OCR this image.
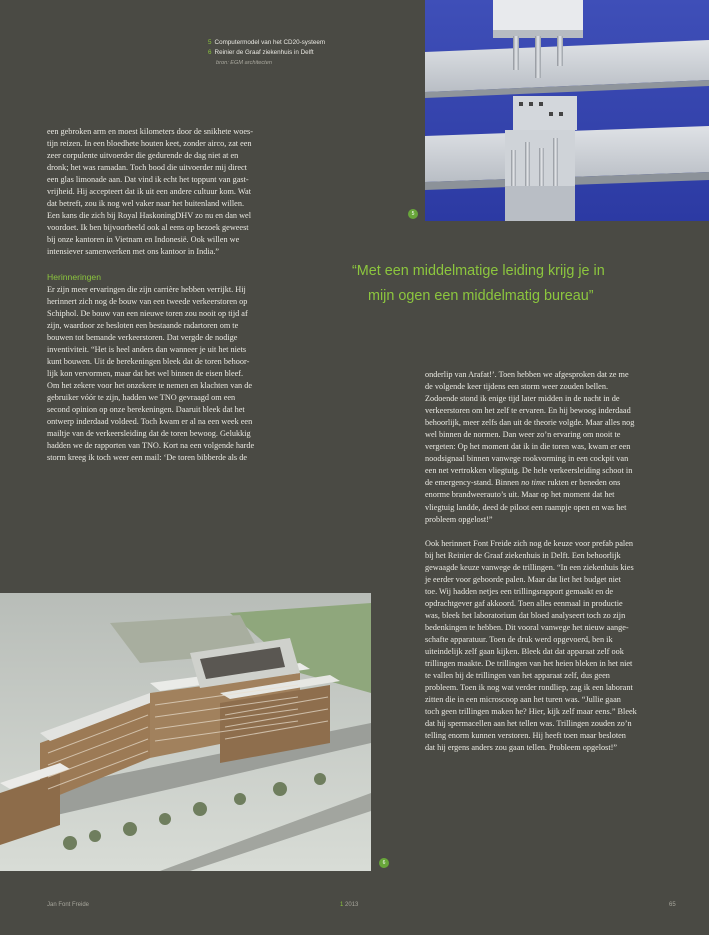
5
6
5 Computermodel van het CD20-systeem
6 Reinier de Graaf ziekenhuis in Delft
bron: EGM architecten
een gebroken arm en moest kilometers door de snikhete woes-
tijn reizen. In een bloedhete houten keet, zonder airco, zat een
zeer corpulente uitvoerder die gedurende de dag niet at en
dronk; het was ramadan. Toch bood die uitvoerder mij direct
een glas limonade aan. Dat vind ik echt het toppunt van gast-
vrijheid. Hij accepteert dat ik uit een andere cultuur kom. Wat
dat betreft, zou ik nog wel vaker naar het buitenland willen.
Een kans die zich bij Royal HaskoningDHV zo nu en dan wel
voordoet. Ik ben bijvoorbeeld ook al eens op bezoek geweest
bij onze kantoren in Vietnam en Indonesië. Ook willen we
intensiever samenwerken met ons kantoor in India.”
Herinneringen
Er zijn meer ervaringen die zijn carrière hebben verrijkt. Hij
herinnert zich nog de bouw van een tweede verkeerstoren op
Schiphol. De bouw van een nieuwe toren zou nooit op tijd af
zijn, waardoor ze besloten een bestaande radartoren om te
bouwen tot bemande verkeerstoren. Dat vergde de nodige
inventiviteit. “Het is heel anders dan wanneer je uit het niets
kunt bouwen. Uit de berekeningen bleek dat de toren behoor-
lijk kon vervormen, maar dat het wel binnen de eisen bleef.
Om het zekere voor het onzekere te nemen en klachten van de
gebruiker vóór te zijn, hadden we TNO gevraagd om een
second opinion op onze berekeningen. Daaruit bleek dat het
ontwerp inderdaad voldeed. Toch kwam er al na een week een
mailtje van de verkeersleiding dat de toren bewoog. Gelukkig
hadden we de rapporten van TNO. Kort na een volgende harde
storm kreeg ik toch weer een mail: ‘De toren bibberde als de
“Met een middelmatige leiding krijg je in
mijn ogen een middelmatig bureau”
onderlip van Arafat!’. Toen hebben we afgesproken dat ze me
de volgende keer tijdens een storm weer zouden bellen.
Zodoende stond ik enige tijd later midden in de nacht in de
verkeerstoren om het zelf te ervaren. En hij bewoog inderdaad
behoorlijk, meer zelfs dan uit de theorie volgde. Maar alles nog
wel binnen de normen. Dan weer zo’n ervaring om nooit te
vergeten: Op het moment dat ik in die toren was, kwam er een
noodsignaal binnen vanwege rookvorming in een cockpit van
een net vertrokken vliegtuig. De hele verkeersleiding schoot in
de emergency-stand. Binnen no time rukten er beneden ons
enorme brandweerauto’s uit. Maar op het moment dat het
vliegtuig landde, deed de piloot een raampje open en was het
probleem opgelost!”
Ook herinnert Font Freide zich nog de keuze voor prefab palen
bij het Reinier de Graaf ziekenhuis in Delft. Een behoorlijk
gewaagde keuze vanwege de trillingen. “In een ziekenhuis kies
je eerder voor geboorde palen. Maar dat liet het budget niet
toe. Wij hadden netjes een trillingsrapport gemaakt en de
opdrachtgever gaf akkoord. Toen alles eenmaal in productie
was, bleek het laboratorium dat bloed analyseert toch zo zijn
bedenkingen te hebben. Dit vooral vanwege het nieuw aange-
schafte apparatuur. Toen de druk werd opgevoerd, ben ik
uiteindelijk zelf gaan kijken. Bleek dat dat apparaat zelf ook
trillingen maakte. De trillingen van het heien bleken in het niet
te vallen bij de trillingen van het apparaat zelf, dus geen
probleem. Toen ik nog wat verder rondliep, zag ik een laborant
zitten die in een microscoop aan het turen was. “Jullie gaan
toch geen trillingen maken he? Hier, kijk zelf maar eens.” Bleek
dat hij spermacellen aan het tellen was. Trillingen zouden zo’n
telling enorm kunnen verstoren. Hij heeft toen maar besloten
dat hij ergens anders zou gaan tellen. Probleem opgelost!”
Jan Font Freide	1 2013	65
